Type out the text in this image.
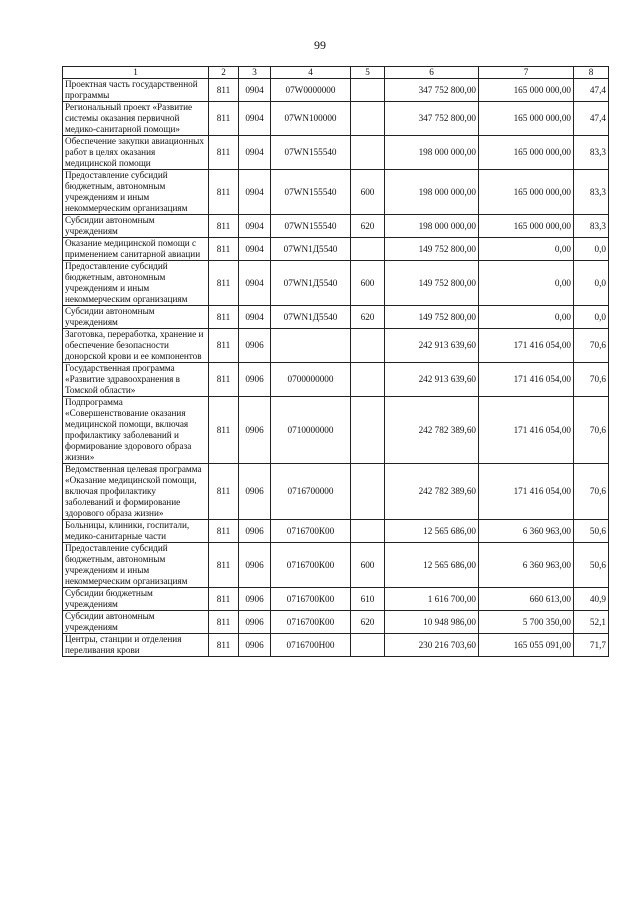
99
1	2	3	4	5	6	7	8
Проектная часть государственной программы	811	0904	07W0000000		347 752 800,00	165 000 000,00	47,4
Региональный проект «Развитие системы оказания первичной медико-санитарной помощи»	811	0904	07WN100000		347 752 800,00	165 000 000,00	47,4
Обеспечение закупки авиационных работ в целях оказания медицинской помощи	811	0904	07WN155540		198 000 000,00	165 000 000,00	83,3
Предоставление субсидий бюджетным, автономным учреждениям и иным некоммерческим организациям	811	0904	07WN155540	600	198 000 000,00	165 000 000,00	83,3
Субсидии автономным учреждениям	811	0904	07WN155540	620	198 000 000,00	165 000 000,00	83,3
Оказание медицинской помощи с применением санитарной авиации	811	0904	07WN1Д5540		149 752 800,00	0,00	0,0
Предоставление субсидий бюджетным, автономным учреждениям и иным некоммерческим организациям	811	0904	07WN1Д5540	600	149 752 800,00	0,00	0,0
Субсидии автономным учреждениям	811	0904	07WN1Д5540	620	149 752 800,00	0,00	0,0
Заготовка, переработка, хранение и обеспечение безопасности донорской крови и ее компонентов	811	0906			242 913 639,60	171 416 054,00	70,6
Государственная программа «Развитие здравоохранения в Томской области»	811	0906	0700000000		242 913 639,60	171 416 054,00	70,6
Подпрограмма «Совершенствование оказания медицинской помощи, включая профилактику заболеваний и формирование здорового образа жизни»	811	0906	0710000000		242 782 389,60	171 416 054,00	70,6
Ведомственная целевая программа «Оказание медицинской помощи, включая профилактику заболеваний и формирование здорового образа жизни»	811	0906	0716700000		242 782 389,60	171 416 054,00	70,6
Больницы, клиники, госпитали, медико-санитарные части	811	0906	0716700К00		12 565 686,00	6 360 963,00	50,6
Предоставление субсидий бюджетным, автономным учреждениям и иным некоммерческим организациям	811	0906	0716700К00	600	12 565 686,00	6 360 963,00	50,6
Субсидии бюджетным учреждениям	811	0906	0716700К00	610	1 616 700,00	660 613,00	40,9
Субсидии автономным учреждениям	811	0906	0716700К00	620	10 948 986,00	5 700 350,00	52,1
Центры, станции и отделения переливания крови	811	0906	0716700Н00		230 216 703,60	165 055 091,00	71,7
